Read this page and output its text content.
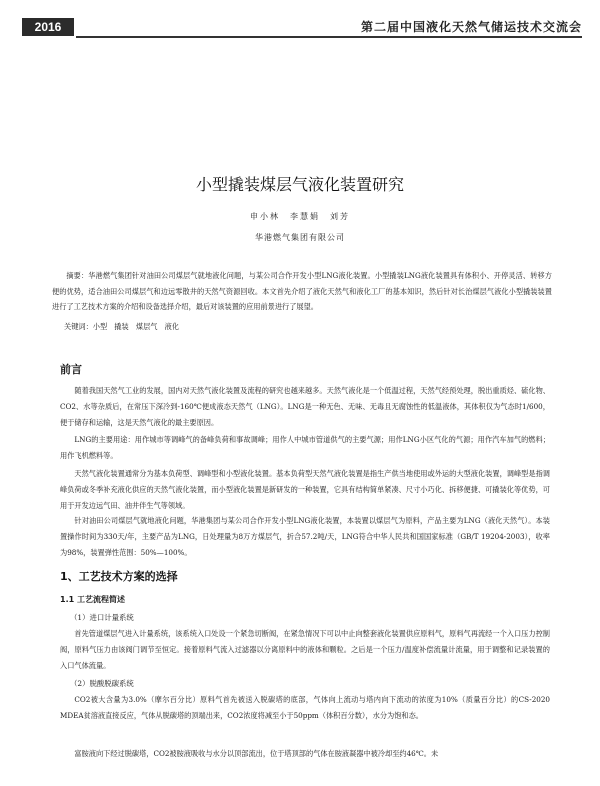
2016	第二届中国液化天然气储运技术交流会
小型撬装煤层气液化装置研究
申小林　李慧娟　刘芳
华港燃气集团有限公司
摘要：华港燃气集团针对油田公司煤层气就地液化问题，与某公司合作开发小型LNG液化装置。小型撬装LNG液化装置具有体积小、开停灵活、转移方便的优势，适合油田公司煤层气和边远零散井的天然气资源回收。本文首先介绍了液化天然气和液化工厂的基本知识，然后针对长治煤层气液化小型撬装装置进行了工艺技术方案的介绍和设备选择介绍，最后对该装置的应用前景进行了展望。
关键词：小型　撬装　煤层气　液化
前言
随着我国天然气工业的发展，国内对天然气液化装置及流程的研究也越来越多。天然气液化是一个低温过程，天然气经预处理，脱出重质烃、硫化物、CO2、水等杂质后，在常压下深冷到-160℃便成液态天然气（LNG）。LNG是一种无色、无味、无毒且无腐蚀性的低温液体，其体积仅为气态时1/600，便于储存和运输，这是天然气液化的最主要原因。
LNG的主要用途：用作城市等调峰气的备峰负荷和事故调峰；用作人中城市管道供气的主要气源；用作LNG小区气化的气源；用作汽车加气的燃料；用作飞机燃料等。
天然气液化装置通常分为基本负荷型、调峰型和小型液化装置。基本负荷型天然气液化装置是指生产供当地使用或外运的大型液化装置，调峰型是指调峰负荷或冬季补充液化供应的天然气液化装置，而小型液化装置是新研发的一种装置，它具有结构简单紧凑、尺寸小巧化、拆移便捷、可撬装化等优势，可用于开发边远气田、油井伴生气等领域。
针对油田公司煤层气就地液化问题，华港集团与某公司合作开发小型LNG液化装置，本装置以煤层气为原料，产品主要为LNG（液化天然气）。本装置操作时间为330天/年，主要产品为LNG，日处理量为8万方煤层气，折合57.2吨/天，LNG符合中华人民共和国国家标准（GB/T 19204-2003），收率为98%，装置弹性范围：50%—100%。
1、工艺技术方案的选择
1.1 工艺流程简述
（1）进口计量系统
首先管道煤层气进入计量系统，该系统入口处设一个紧急切断阀，在紧急情况下可以中止向整套液化装置供应原料气，原料气再流经一个入口压力控制阀，原料气压力由该阀门调节至恒定。接着原料气流入过滤器以分离原料中的液体和颗粒。之后是一个压力/温度补偿流量计流量，用于调整和记录装置的入口气体流量。
（2）脱酸脱碳系统
CO2被大含量为3.0%（摩尔百分比）原料气首先被送入脱碳塔的底部，气体向上流动与塔内向下流动的浓度为10%（质量百分比）的CS-2020 MDEA贫溶液直接反应，气体从脱碳塔的顶端出来，CO2浓度将减至小于50ppm（体积百分数），水分为饱和态。
富胺液向下经过脱碳塔，CO2被胺液吸收与水分以顶部流出，位于塔顶部的气体在胺液凝器中被冷却至约46℃。未
